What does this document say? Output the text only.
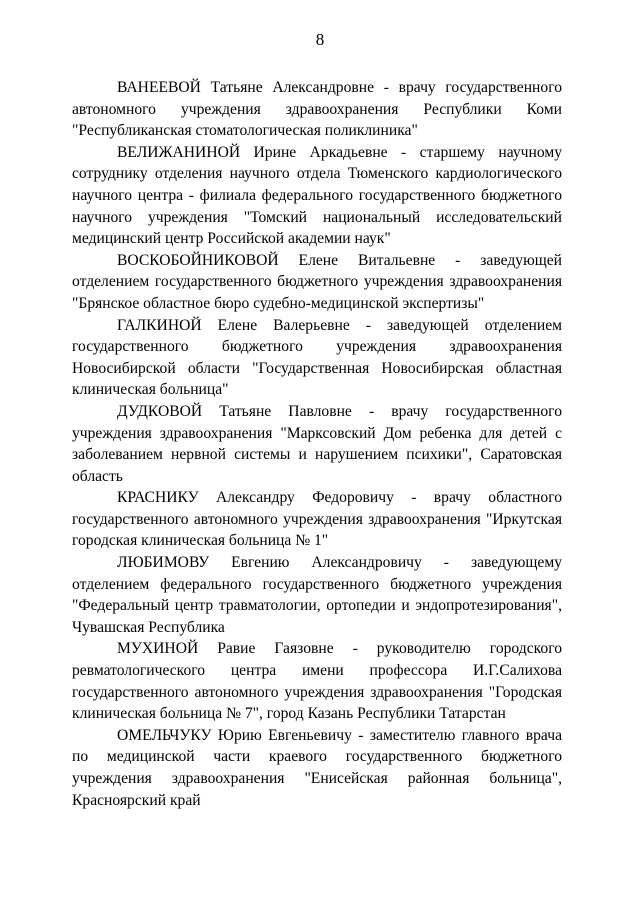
8

ВАНЕЕВОЙ Татьяне Александровне - врачу государственного автономного учреждения здравоохранения Республики Коми "Республиканская стоматологическая поликлиника"

ВЕЛИЖАНИНОЙ Ирине Аркадьевне - старшему научному сотруднику отделения научного отдела Тюменского кардиологического научного центра - филиала федерального государственного бюджетного научного учреждения "Томский национальный исследовательский медицинский центр Российской академии наук"

ВОСКОБОЙНИКОВОЙ Елене Витальевне - заведующей отделением государственного бюджетного учреждения здравоохранения "Брянское областное бюро судебно-медицинской экспертизы"

ГАЛКИНОЙ Елене Валерьевне - заведующей отделением государственного бюджетного учреждения здравоохранения Новосибирской области "Государственная Новосибирская областная клиническая больница"

ДУДКОВОЙ Татьяне Павловне - врачу государственного учреждения здравоохранения "Марксовский Дом ребенка для детей с заболеванием нервной системы и нарушением психики", Саратовская область

КРАСНИКУ Александру Федоровичу - врачу областного государственного автономного учреждения здравоохранения "Иркутская городская клиническая больница № 1"

ЛЮБИМОВУ Евгению Александровичу - заведующему отделением федерального государственного бюджетного учреждения "Федеральный центр травматологии, ортопедии и эндопротезирования", Чувашская Республика

МУХИНОЙ Равие Гаязовне - руководителю городского ревматологического центра имени профессора И.Г.Салихова государственного автономного учреждения здравоохранения "Городская клиническая больница № 7", город Казань Республики Татарстан

ОМЕЛЬЧУКУ Юрию Евгеньевичу - заместителю главного врача по медицинской части краевого государственного бюджетного учреждения здравоохранения "Енисейская районная больница", Красноярский край
